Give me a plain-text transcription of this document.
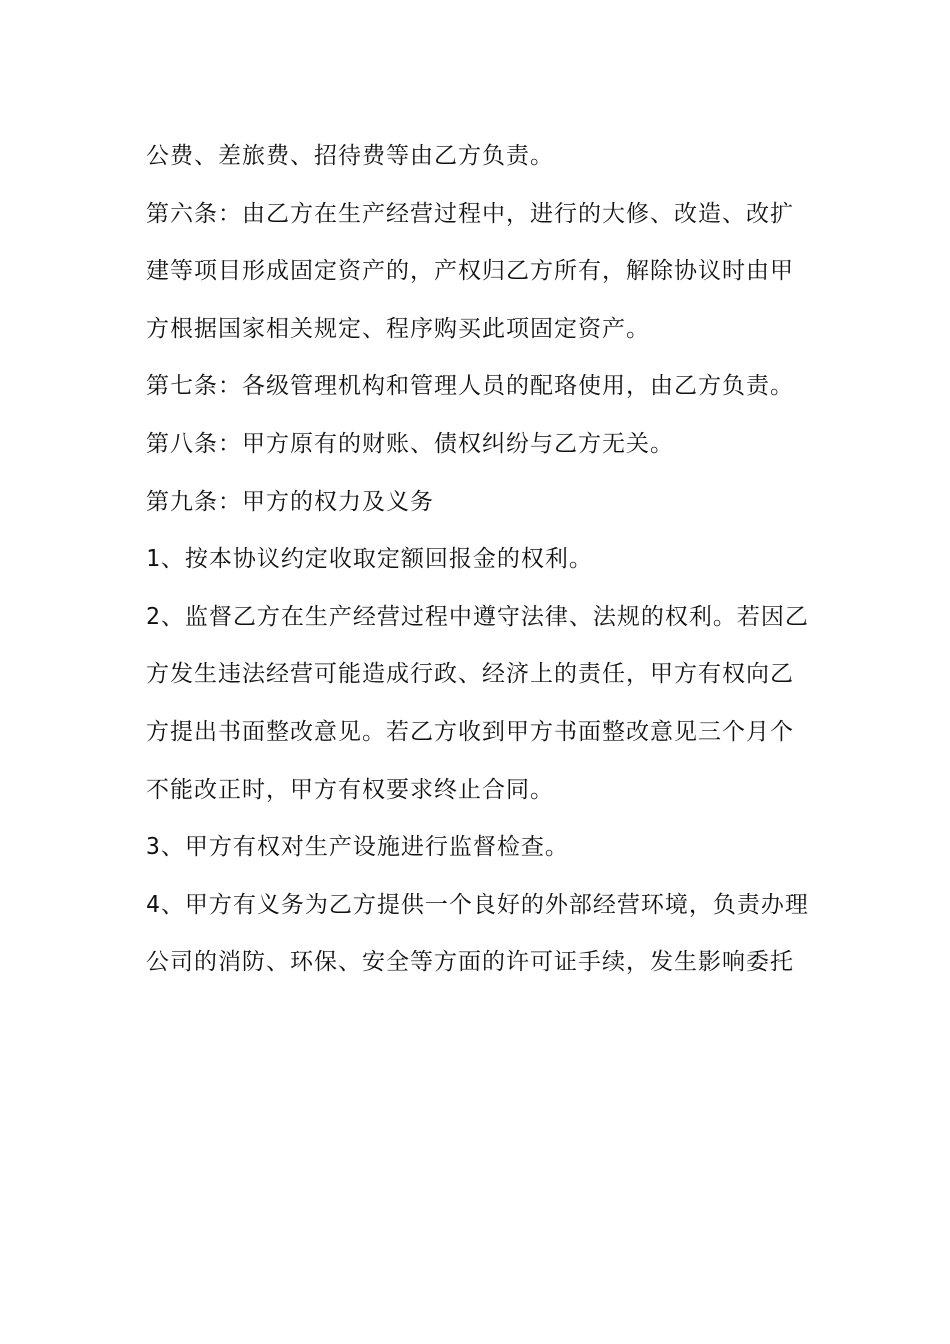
公费、差旅费、招待费等由乙方负责。
第六条：由乙方在生产经营过程中，进行的大修、改造、改扩
建等项目形成固定资产的，产权归乙方所有，解除协议时由甲
方根据国家相关规定、程序购买此项固定资产。
第七条：各级管理机构和管理人员的配珞使用，由乙方负责。
第八条：甲方原有的财账、债权纠纷与乙方无关。
第九条：甲方的权力及义务
1、按本协议约定收取定额回报金的权利。
2、监督乙方在生产经营过程中遵守法律、法规的权利。若因乙
方发生违法经营可能造成行政、经济上的责任，甲方有权向乙
方提出书面整改意见。若乙方收到甲方书面整改意见三个月个
不能改正时，甲方有权要求终止合同。
3、甲方有权对生产设施进行监督检查。
4、甲方有义务为乙方提供一个良好的外部经营环境，负责办理
公司的消防、环保、安全等方面的许可证手续，发生影响委托
